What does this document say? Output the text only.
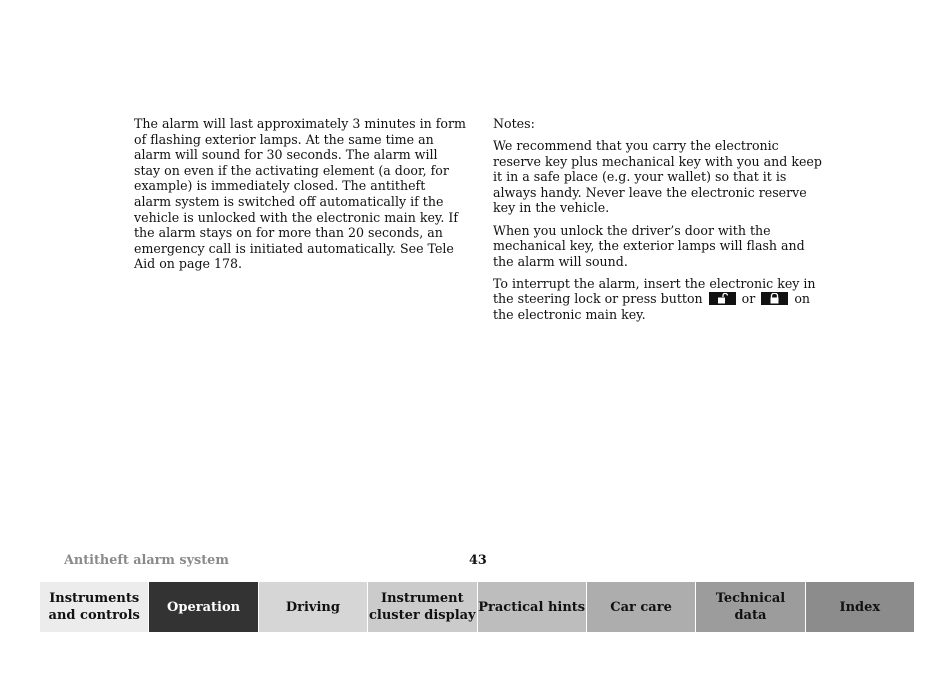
The alarm will last approximately 3 minutes in form of flashing exterior lamps. At the same time an alarm will sound for 30 seconds. The alarm will stay on even if the activating element (a door, for example) is immediately closed. The antitheft alarm system is switched off automatically if the vehicle is unlocked with the electronic main key. If the alarm stays on for more than 20 seconds, an emergency call is initiated automatically. See Tele Aid on page 178.

Notes:

We recommend that you carry the electronic reserve key plus mechanical key with you and keep it in a safe place (e.g. your wallet) so that it is always handy. Never leave the electronic reserve key in the vehicle.

When you unlock the driver’s door with the mechanical key, the exterior lamps will flash and the alarm will sound.

To interrupt the alarm, insert the electronic key in the steering lock or press button	or	on the electronic main key.

Antitheft alarm system	43
Instruments
and controls
Operation	Driving
Instrument
cluster display
Practical hints	Car care
Technical
data
Index
